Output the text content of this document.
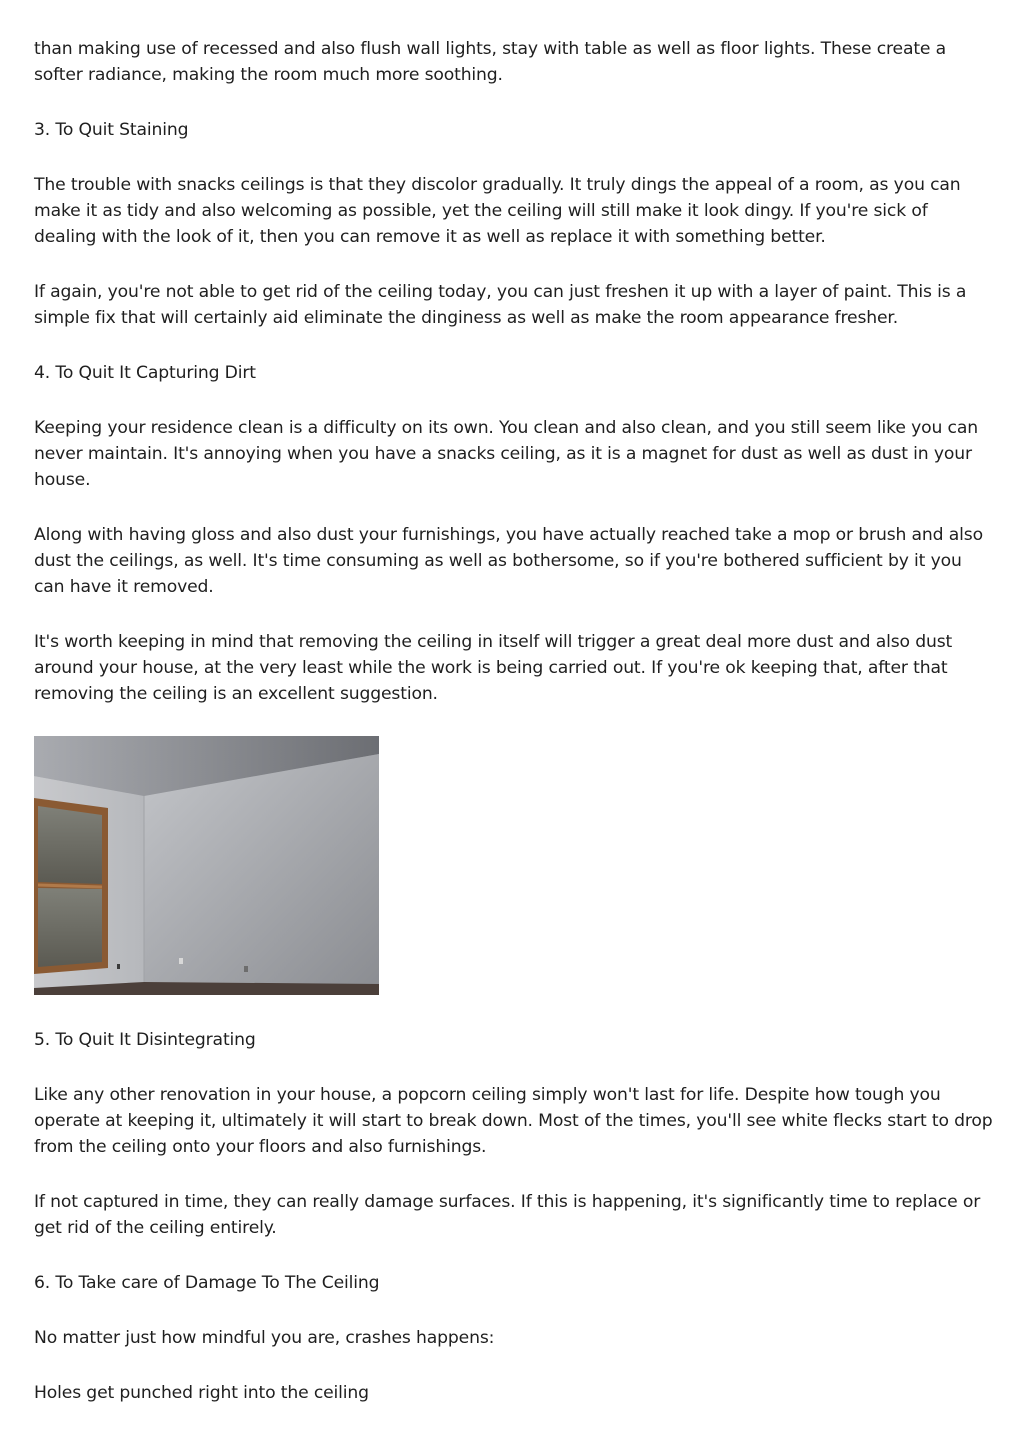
than making use of recessed and also flush wall lights, stay with table as well as floor lights. These create a softer radiance, making the room much more soothing.

3. To Quit Staining

The trouble with snacks ceilings is that they discolor gradually. It truly dings the appeal of a room, as you can make it as tidy and also welcoming as possible, yet the ceiling will still make it look dingy. If you're sick of dealing with the look of it, then you can remove it as well as replace it with something better.

If again, you're not able to get rid of the ceiling today, you can just freshen it up with a layer of paint. This is a simple fix that will certainly aid eliminate the dinginess as well as make the room appearance fresher.

4. To Quit It Capturing Dirt

Keeping your residence clean is a difficulty on its own. You clean and also clean, and you still seem like you can never maintain. It's annoying when you have a snacks ceiling, as it is a magnet for dust as well as dust in your house.

Along with having gloss and also dust your furnishings, you have actually reached take a mop or brush and also dust the ceilings, as well. It's time consuming as well as bothersome, so if you're bothered sufficient by it you can have it removed.

It's worth keeping in mind that removing the ceiling in itself will trigger a great deal more dust and also dust around your house, at the very least while the work is being carried out. If you're ok keeping that, after that removing the ceiling is an excellent suggestion.

5. To Quit It Disintegrating

Like any other renovation in your house, a popcorn ceiling simply won't last for life. Despite how tough you operate at keeping it, ultimately it will start to break down. Most of the times, you'll see white flecks start to drop from the ceiling onto your floors and also furnishings.

If not captured in time, they can really damage surfaces. If this is happening, it's significantly time to replace or get rid of the ceiling entirely.

6. To Take care of Damage To The Ceiling

No matter just how mindful you are, crashes happens:

Holes get punched right into the ceiling
